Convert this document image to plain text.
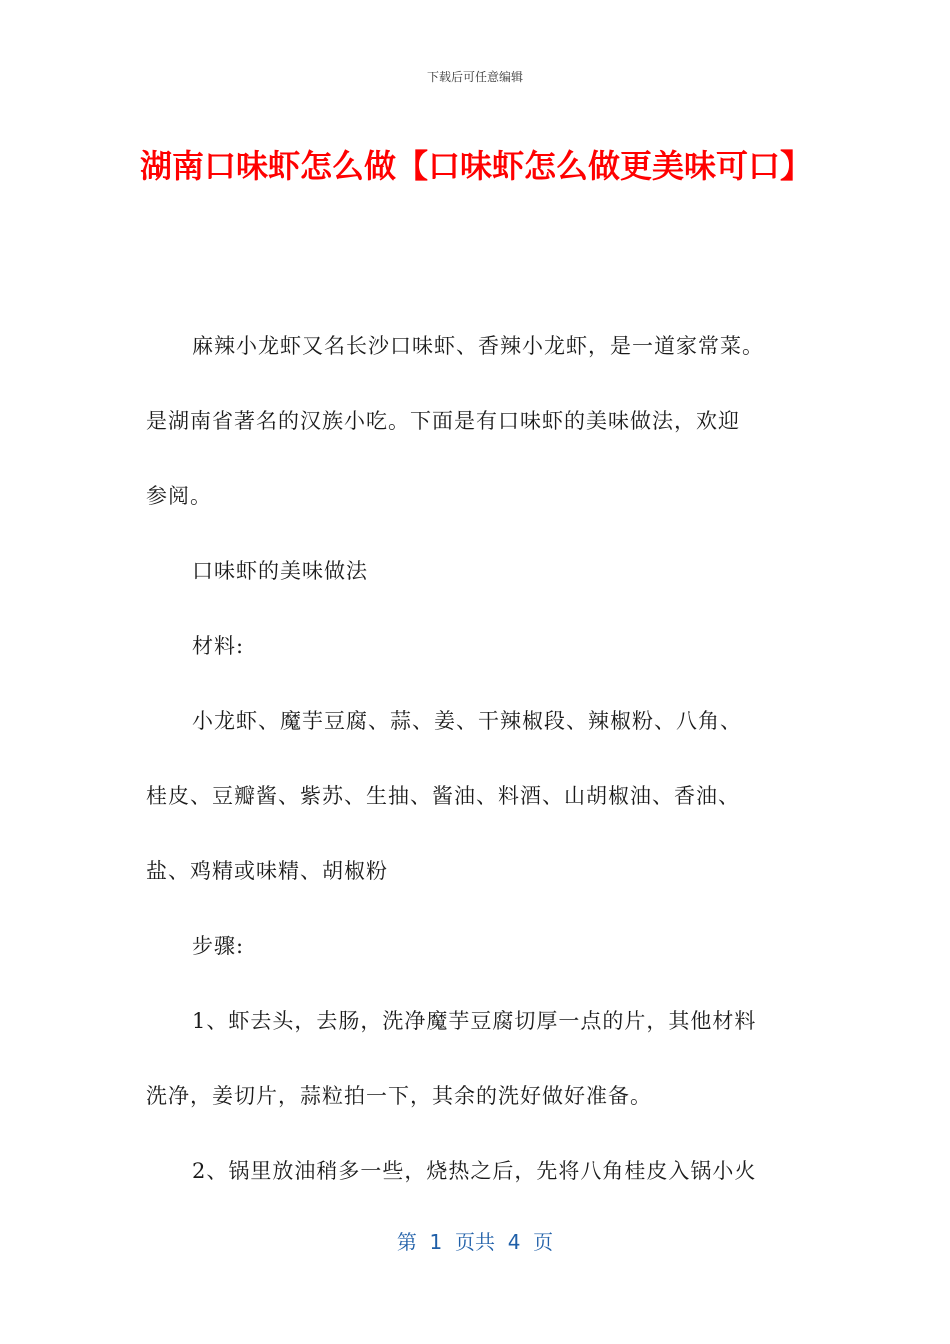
下载后可任意编辑
湖南口味虾怎么做【口味虾怎么做更美味可口】
麻辣小龙虾又名长沙口味虾、香辣小龙虾，是一道家常菜。
是湖南省著名的汉族小吃。下面是有口味虾的美味做法，欢迎
参阅。
口味虾的美味做法
材料:
小龙虾、魔芋豆腐、蒜、姜、干辣椒段、辣椒粉、八角、
桂皮、豆瓣酱、紫苏、生抽、酱油、料酒、山胡椒油、香油、
盐、鸡精或味精、胡椒粉
步骤:
1、虾去头，去肠，洗净魔芋豆腐切厚一点的片，其他材料
洗净，姜切片，蒜粒拍一下，其余的洗好做好准备。
2、锅里放油稍多一些，烧热之后，先将八角桂皮入锅小火
第  1  页共  4  页
